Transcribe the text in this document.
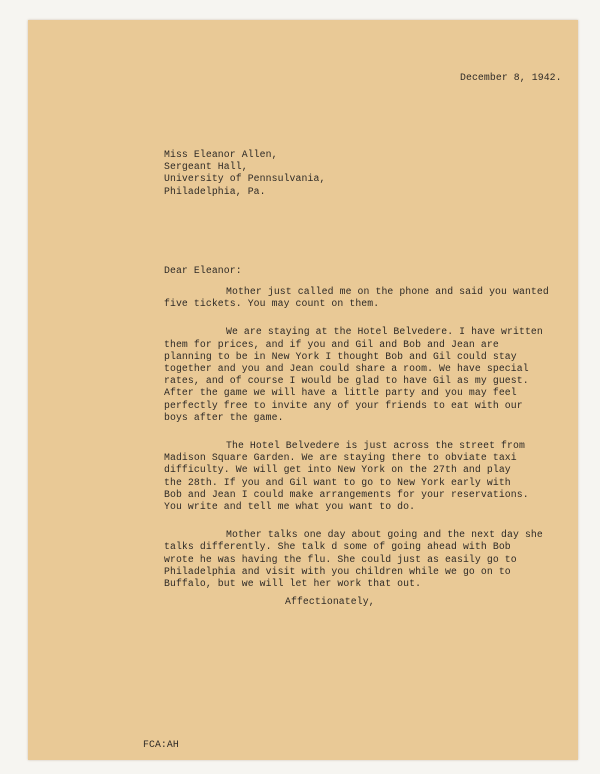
December 8, 1942.
Miss Eleanor Allen,
Sergeant Hall,
University of Pennsulvania,
Philadelphia, Pa.
Dear Eleanor:
Mother just called me on the phone and said you wanted
five tickets. You may count on them.
We are staying at the Hotel Belvedere. I have written
them for prices, and if you and Gil and Bob and Jean are
planning to be in New York I thought Bob and Gil could stay
together and you and Jean could share a room. We have special
rates, and of course I would be glad to have Gil as my guest.
After the game we will have a little party and you may feel
perfectly free to invite any of your friends to eat with our
boys after the game.
The Hotel Belvedere is just across the street from
Madison Square Garden. We are staying there to obviate taxi
difficulty. We will get into New York on the 27th and play
the 28th. If you and Gil want to go to New York early with
Bob and Jean I could make arrangements for your reservations.
You write and tell me what you want to do.
Mother talks one day about going and the next day she
talks differently. She talk d some of going ahead with Bob
wrote he was having the flu. She could just as easily go to
Philadelphia and visit with you children while we go on to
Buffalo, but we will let her work that out.
Affectionately,
FCA:AH
